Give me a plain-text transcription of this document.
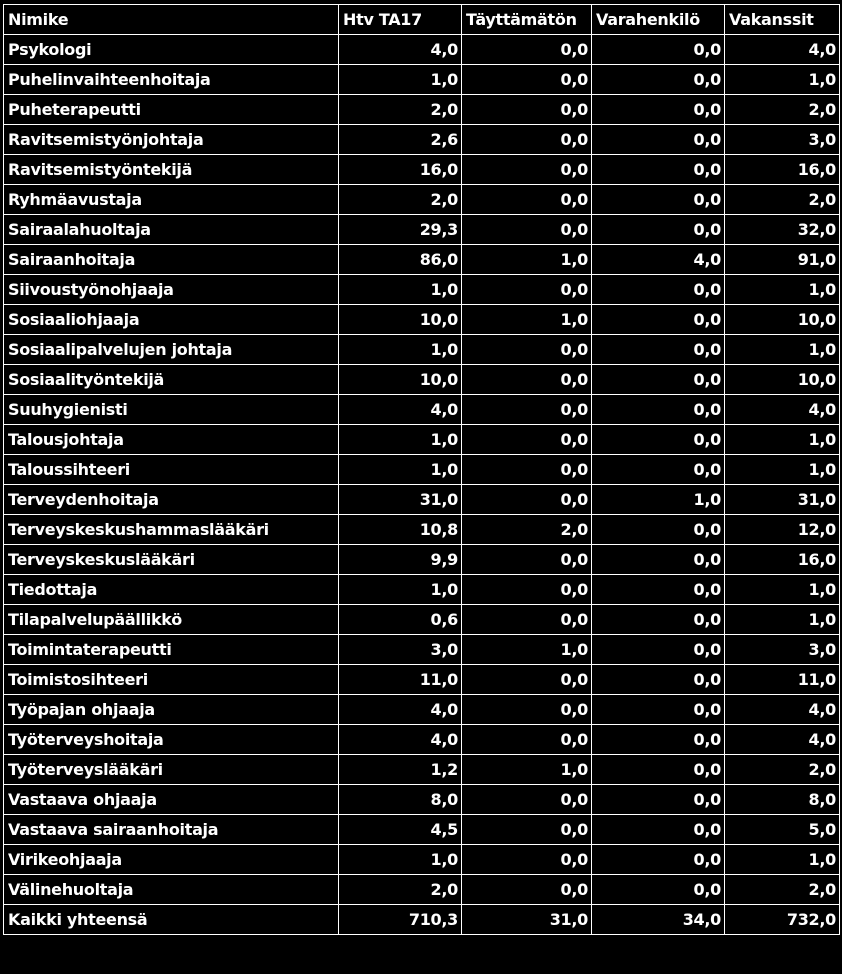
Nimike	Htv TA17	Täyttämätön	Varahenkilö	Vakanssit
Psykologi	4,0	0,0	0,0	4,0
Puhelinvaihteenhoitaja	1,0	0,0	0,0	1,0
Puheterapeutti	2,0	0,0	0,0	2,0
Ravitsemistyönjohtaja	2,6	0,0	0,0	3,0
Ravitsemistyöntekijä	16,0	0,0	0,0	16,0
Ryhmäavustaja	2,0	0,0	0,0	2,0
Sairaalahuoltaja	29,3	0,0	0,0	32,0
Sairaanhoitaja	86,0	1,0	4,0	91,0
Siivoustyönohjaaja	1,0	0,0	0,0	1,0
Sosiaaliohjaaja	10,0	1,0	0,0	10,0
Sosiaalipalvelujen johtaja	1,0	0,0	0,0	1,0
Sosiaalityöntekijä	10,0	0,0	0,0	10,0
Suuhygienisti	4,0	0,0	0,0	4,0
Talousjohtaja	1,0	0,0	0,0	1,0
Taloussihteeri	1,0	0,0	0,0	1,0
Terveydenhoitaja	31,0	0,0	1,0	31,0
Terveyskeskushammaslääkäri	10,8	2,0	0,0	12,0
Terveyskeskuslääkäri	9,9	0,0	0,0	16,0
Tiedottaja	1,0	0,0	0,0	1,0
Tilapalvelupäällikkö	0,6	0,0	0,0	1,0
Toimintaterapeutti	3,0	1,0	0,0	3,0
Toimistosihteeri	11,0	0,0	0,0	11,0
Työpajan ohjaaja	4,0	0,0	0,0	4,0
Työterveyshoitaja	4,0	0,0	0,0	4,0
Työterveyslääkäri	1,2	1,0	0,0	2,0
Vastaava ohjaaja	8,0	0,0	0,0	8,0
Vastaava sairaanhoitaja	4,5	0,0	0,0	5,0
Virikeohjaaja	1,0	0,0	0,0	1,0
Välinehuoltaja	2,0	0,0	0,0	2,0
Kaikki yhteensä	710,3	31,0	34,0	732,0
